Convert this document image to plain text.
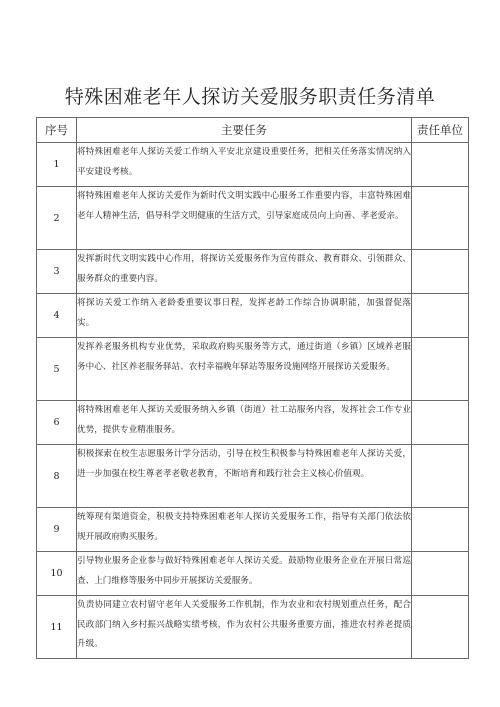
特殊困难老年人探访关爱服务职责任务清单
序号	主要任务	责任单位
1	将特殊困难老年人探访关爱工作纳入平安北京建设重要任务，把相关任务落实情况纳入平安建设考核。	
2	将特殊困难老年人探访关爱作为新时代文明实践中心服务工作重要内容，丰富特殊困难老年人精神生活，倡导科学文明健康的生活方式，引导家庭成员向上向善、孝老爱亲。	
3	发挥新时代文明实践中心作用，将探访关爱服务作为宣传群众、教育群众、引领群众、服务群众的重要内容。	
4	将探访关爱工作纳入老龄委重要议事日程，发挥老龄工作综合协调职能，加强督促落实。	
5	发挥养老服务机构专业优势，采取政府购买服务等方式，通过街道（乡镇）区域养老服务中心、社区养老服务驿站、农村幸福晚年驿站等服务设施网络开展探访关爱服务。	
6	将特殊困难老年人探访关爱服务纳入乡镇（街道）社工站服务内容，发挥社会工作专业优势，提供专业精准服务。	
8	积极探索在校生志愿服务计学分活动，引导在校生积极参与特殊困难老年人探访关爱，进一步加强在校生尊老孝老敬老教育，不断培育和践行社会主义核心价值观。	
9	统筹现有渠道资金，积极支持特殊困难老年人探访关爱服务工作，指导有关部门依法依规开展政府购买服务。	
10	引导物业服务企业参与做好特殊困难老年人探访关爱。鼓励物业服务企业在开展日常巡查、上门维修等服务中同步开展探访关爱服务。	
11	负责协同建立农村留守老年人关爱服务工作机制，作为农业和农村规划重点任务，配合民政部门纳入乡村振兴战略实绩考核，作为农村公共服务重要方面，推进农村养老提质升级。	
